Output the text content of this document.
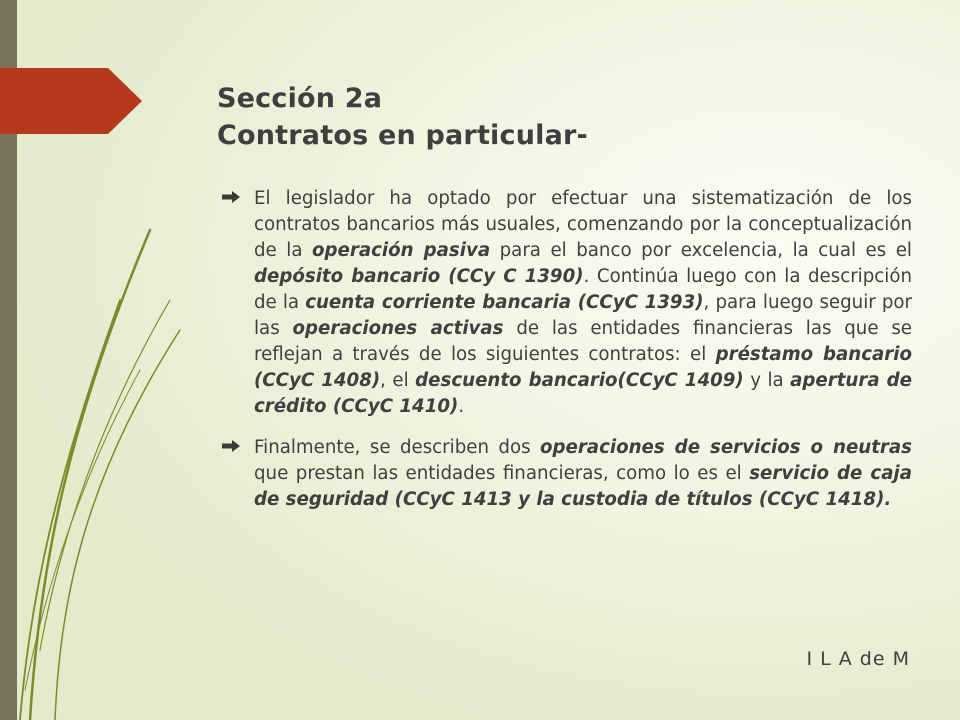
Sección 2a
Contratos en particular-

El legislador ha optado por efectuar una sistematización de los contratos bancarios más usuales, comenzando por la conceptualización de la operación pasiva para el banco por excelencia, la cual es el depósito bancario (CCy C 1390). Continúa luego con la descripción de la cuenta corriente bancaria (CCyC 1393), para luego seguir por las operaciones activas de las entidades financieras las que se reflejan a través de los siguientes contratos: el préstamo bancario (CCyC 1408), el descuento bancario(CCyC 1409) y la apertura de crédito (CCyC 1410).

Finalmente, se describen dos operaciones de servicios o neutras que prestan las entidades financieras, como lo es el servicio de caja de seguridad (CCyC 1413 y la custodia de títulos (CCyC 1418).

I L A de M
